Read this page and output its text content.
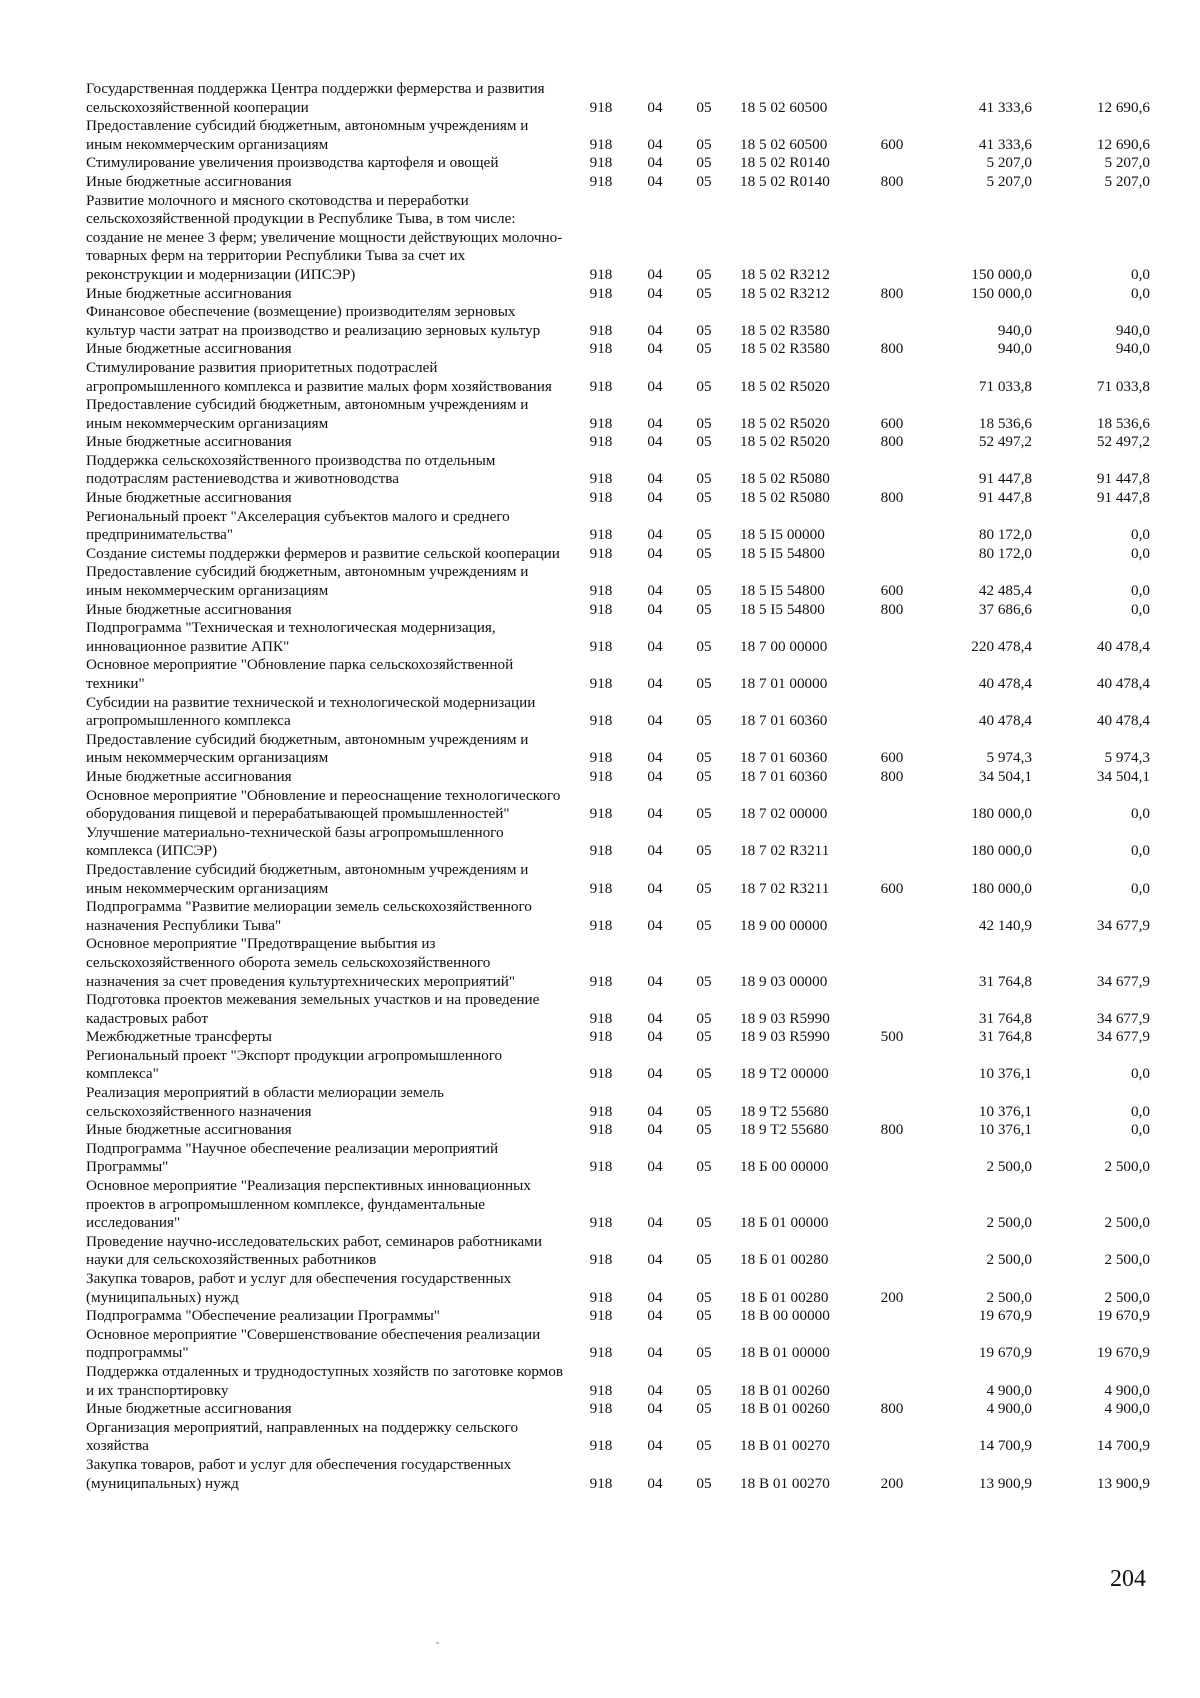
Государственная поддержка Центра поддержки фермерства и развития сельскохозяйственной кооперации	918	04	05	18 5 02 60500		41 333,6	12 690,6
Предоставление субсидий бюджетным, автономным учреждениям и иным некоммерческим организациям	918	04	05	18 5 02 60500	600	41 333,6	12 690,6
Стимулирование увеличения производства картофеля и овощей	918	04	05	18 5 02 R0140		5 207,0	5 207,0
Иные бюджетные ассигнования	918	04	05	18 5 02 R0140	800	5 207,0	5 207,0
Развитие молочного и мясного скотоводства и переработки сельскохозяйственной продукции в Республике Тыва, в том числе: создание не менее 3 ферм; увеличение мощности действующих молочно-товарных ферм на территории Республики Тыва за счет их реконструкции и модернизации (ИПСЭР)	918	04	05	18 5 02 R3212		150 000,0	0,0
Иные бюджетные ассигнования	918	04	05	18 5 02 R3212	800	150 000,0	0,0
Финансовое обеспечение (возмещение) производителям зерновых культур части затрат на производство и реализацию зерновых культур	918	04	05	18 5 02 R3580		940,0	940,0
Иные бюджетные ассигнования	918	04	05	18 5 02 R3580	800	940,0	940,0
Стимулирование развития приоритетных подотраслей агропромышленного комплекса и развитие малых форм хозяйствования	918	04	05	18 5 02 R5020		71 033,8	71 033,8
Предоставление субсидий бюджетным, автономным учреждениям и иным некоммерческим организациям	918	04	05	18 5 02 R5020	600	18 536,6	18 536,6
Иные бюджетные ассигнования	918	04	05	18 5 02 R5020	800	52 497,2	52 497,2
Поддержка сельскохозяйственного производства по отдельным подотраслям растениеводства и животноводства	918	04	05	18 5 02 R5080		91 447,8	91 447,8
Иные бюджетные ассигнования	918	04	05	18 5 02 R5080	800	91 447,8	91 447,8
Региональный проект "Акселерация субъектов малого и среднего предпринимательства"	918	04	05	18 5 I5 00000		80 172,0	0,0
Создание системы поддержки фермеров и развитие сельской кооперации	918	04	05	18 5 I5 54800		80 172,0	0,0
Предоставление субсидий бюджетным, автономным учреждениям и иным некоммерческим организациям	918	04	05	18 5 I5 54800	600	42 485,4	0,0
Иные бюджетные ассигнования	918	04	05	18 5 I5 54800	800	37 686,6	0,0
Подпрограмма "Техническая и технологическая модернизация, инновационное развитие АПК"	918	04	05	18 7 00 00000		220 478,4	40 478,4
Основное мероприятие "Обновление парка сельскохозяйственной техники"	918	04	05	18 7 01 00000		40 478,4	40 478,4
Субсидии на развитие технической и технологической модернизации агропромышленного комплекса	918	04	05	18 7 01 60360		40 478,4	40 478,4
Предоставление субсидий бюджетным, автономным учреждениям и иным некоммерческим организациям	918	04	05	18 7 01 60360	600	5 974,3	5 974,3
Иные бюджетные ассигнования	918	04	05	18 7 01 60360	800	34 504,1	34 504,1
Основное мероприятие "Обновление и переоснащение технологического оборудования пищевой и перерабатывающей промышленностей"	918	04	05	18 7 02 00000		180 000,0	0,0
Улучшение материально-технической базы агропромышленного комплекса (ИПСЭР)	918	04	05	18 7 02 R3211		180 000,0	0,0
Предоставление субсидий бюджетным, автономным учреждениям и иным некоммерческим организациям	918	04	05	18 7 02 R3211	600	180 000,0	0,0
Подпрограмма "Развитие мелиорации земель сельскохозяйственного назначения Республики Тыва"	918	04	05	18 9 00 00000		42 140,9	34 677,9
Основное мероприятие "Предотвращение выбытия из сельскохозяйственного оборота земель сельскохозяйственного назначения за счет проведения культуртехнических мероприятий"	918	04	05	18 9 03 00000		31 764,8	34 677,9
Подготовка проектов межевания земельных участков и на проведение кадастровых работ	918	04	05	18 9 03 R5990		31 764,8	34 677,9
Межбюджетные трансферты	918	04	05	18 9 03 R5990	500	31 764,8	34 677,9
Региональный проект "Экспорт продукции агропромышленного комплекса"	918	04	05	18 9 T2 00000		10 376,1	0,0
Реализация мероприятий в области мелиорации земель сельскохозяйственного назначения	918	04	05	18 9 T2 55680		10 376,1	0,0
Иные бюджетные ассигнования	918	04	05	18 9 T2 55680	800	10 376,1	0,0
Подпрограмма "Научное обеспечение реализации мероприятий Программы"	918	04	05	18 Б 00 00000		2 500,0	2 500,0
Основное мероприятие "Реализация перспективных инновационных проектов в агропромышленном комплексе, фундаментальные исследования"	918	04	05	18 Б 01 00000		2 500,0	2 500,0
Проведение научно-исследовательских работ, семинаров работниками науки для сельскохозяйственных работников	918	04	05	18 Б 01 00280		2 500,0	2 500,0
Закупка товаров, работ и услуг для обеспечения государственных (муниципальных) нужд	918	04	05	18 Б 01 00280	200	2 500,0	2 500,0
Подпрограмма "Обеспечение реализации Программы"	918	04	05	18 В 00 00000		19 670,9	19 670,9
Основное мероприятие "Совершенствование обеспечения реализации подпрограммы"	918	04	05	18 В 01 00000		19 670,9	19 670,9
Поддержка отдаленных и труднодоступных хозяйств по заготовке кормов и их транспортировку	918	04	05	18 В 01 00260		4 900,0	4 900,0
Иные бюджетные ассигнования	918	04	05	18 В 01 00260	800	4 900,0	4 900,0
Организация мероприятий, направленных на поддержку сельского хозяйства	918	04	05	18 В 01 00270		14 700,9	14 700,9
Закупка товаров, работ и услуг для обеспечения государственных (муниципальных) нужд	918	04	05	18 В 01 00270	200	13 900,9	13 900,9
204
